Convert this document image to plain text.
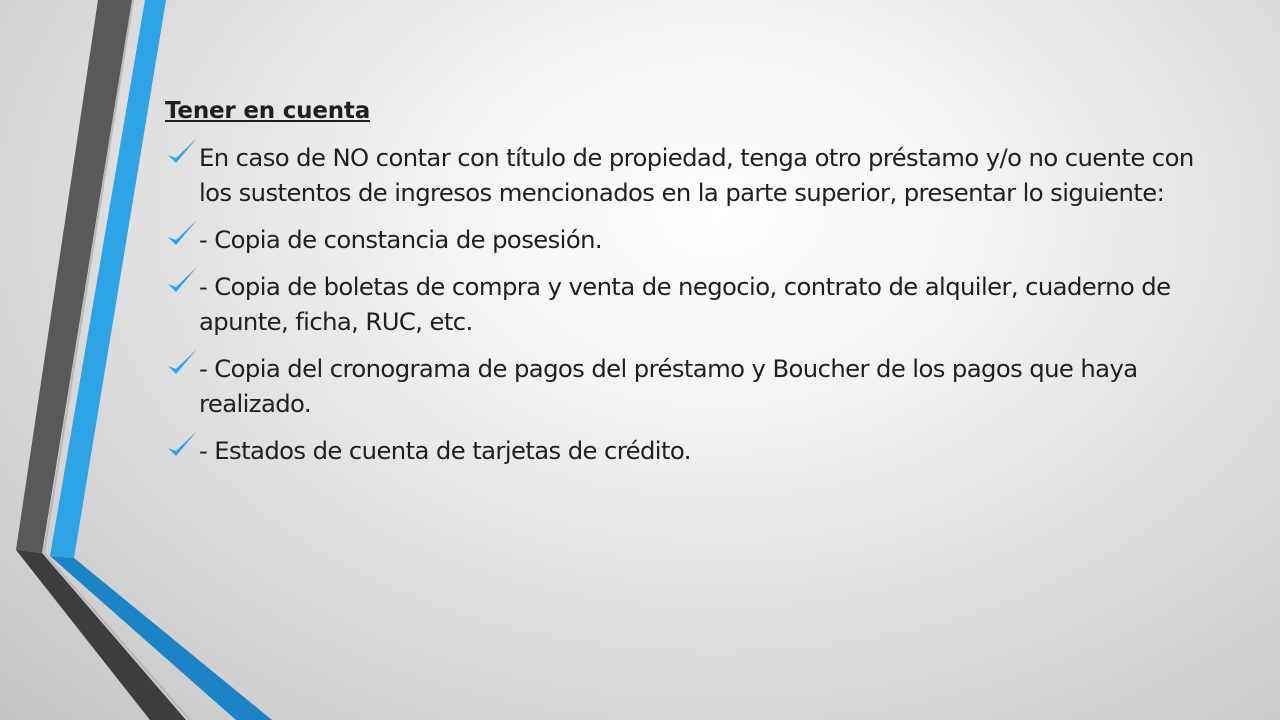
Tener en cuenta
En caso de NO contar con título de propiedad, tenga otro préstamo y/o no cuente con los sustentos de ingresos mencionados en la parte superior, presentar lo siguiente:
- Copia de constancia de posesión.
- Copia de boletas de compra y venta de negocio, contrato de alquiler, cuaderno de apunte, ficha, RUC, etc.
- Copia del cronograma de pagos del préstamo y Boucher de los pagos que haya realizado.
- Estados de cuenta de tarjetas de crédito.
